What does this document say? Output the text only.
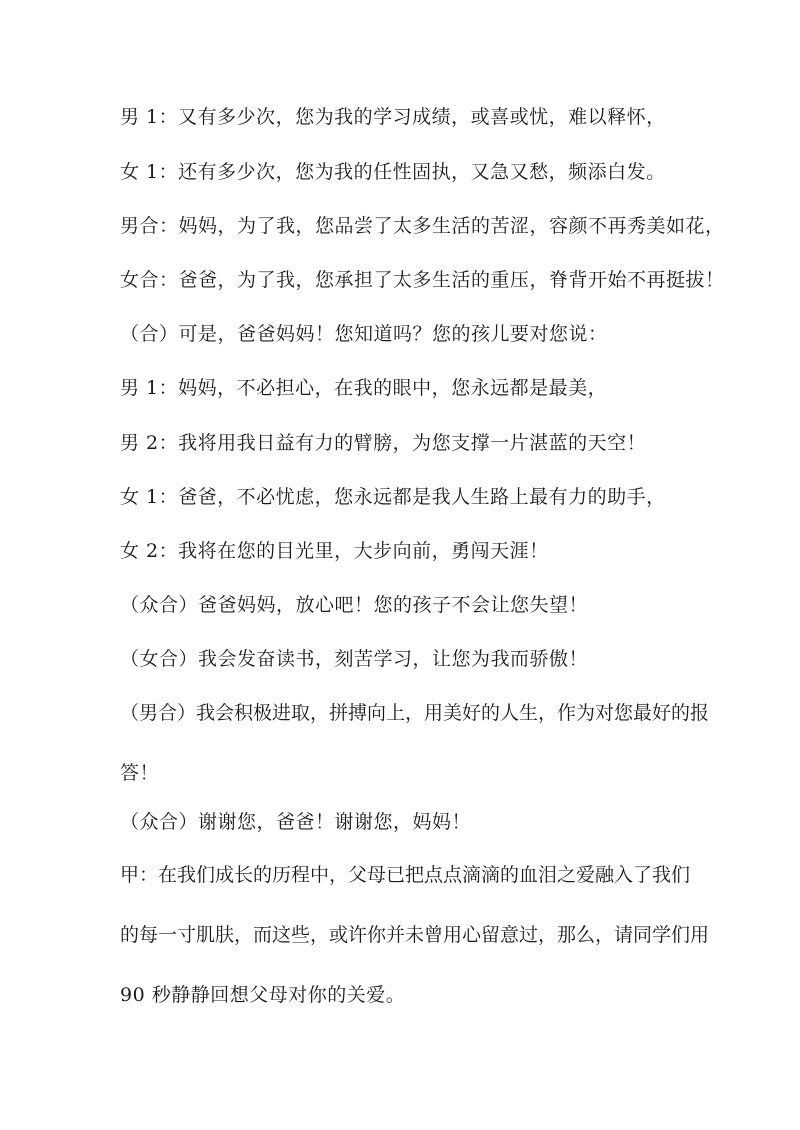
男 1：又有多少次，您为我的学习成绩，或喜或忧，难以释怀，
女 1：还有多少次，您为我的任性固执，又急又愁，频添白发。
男合：妈妈，为了我，您品尝了太多生活的苦涩，容颜不再秀美如花，
女合：爸爸，为了我，您承担了太多生活的重压，脊背开始不再挺拔！
（合）可是，爸爸妈妈！您知道吗？您的孩儿要对您说：
男 1：妈妈，不必担心，在我的眼中，您永远都是最美，
男 2：我将用我日益有力的臂膀，为您支撑一片湛蓝的天空！
女 1：爸爸，不必忧虑，您永远都是我人生路上最有力的助手，
女 2：我将在您的目光里，大步向前，勇闯天涯！
（众合）爸爸妈妈，放心吧！您的孩子不会让您失望！
（女合）我会发奋读书，刻苦学习，让您为我而骄傲！
（男合）我会积极进取，拼搏向上，用美好的人生，作为对您最好的报
答！
（众合）谢谢您，爸爸！谢谢您，妈妈！
甲：在我们成长的历程中，父母已把点点滴滴的血泪之爱融入了我们
的每一寸肌肤，而这些，或许你并未曾用心留意过，那么，请同学们用
90 秒静静回想父母对你的关爱。
